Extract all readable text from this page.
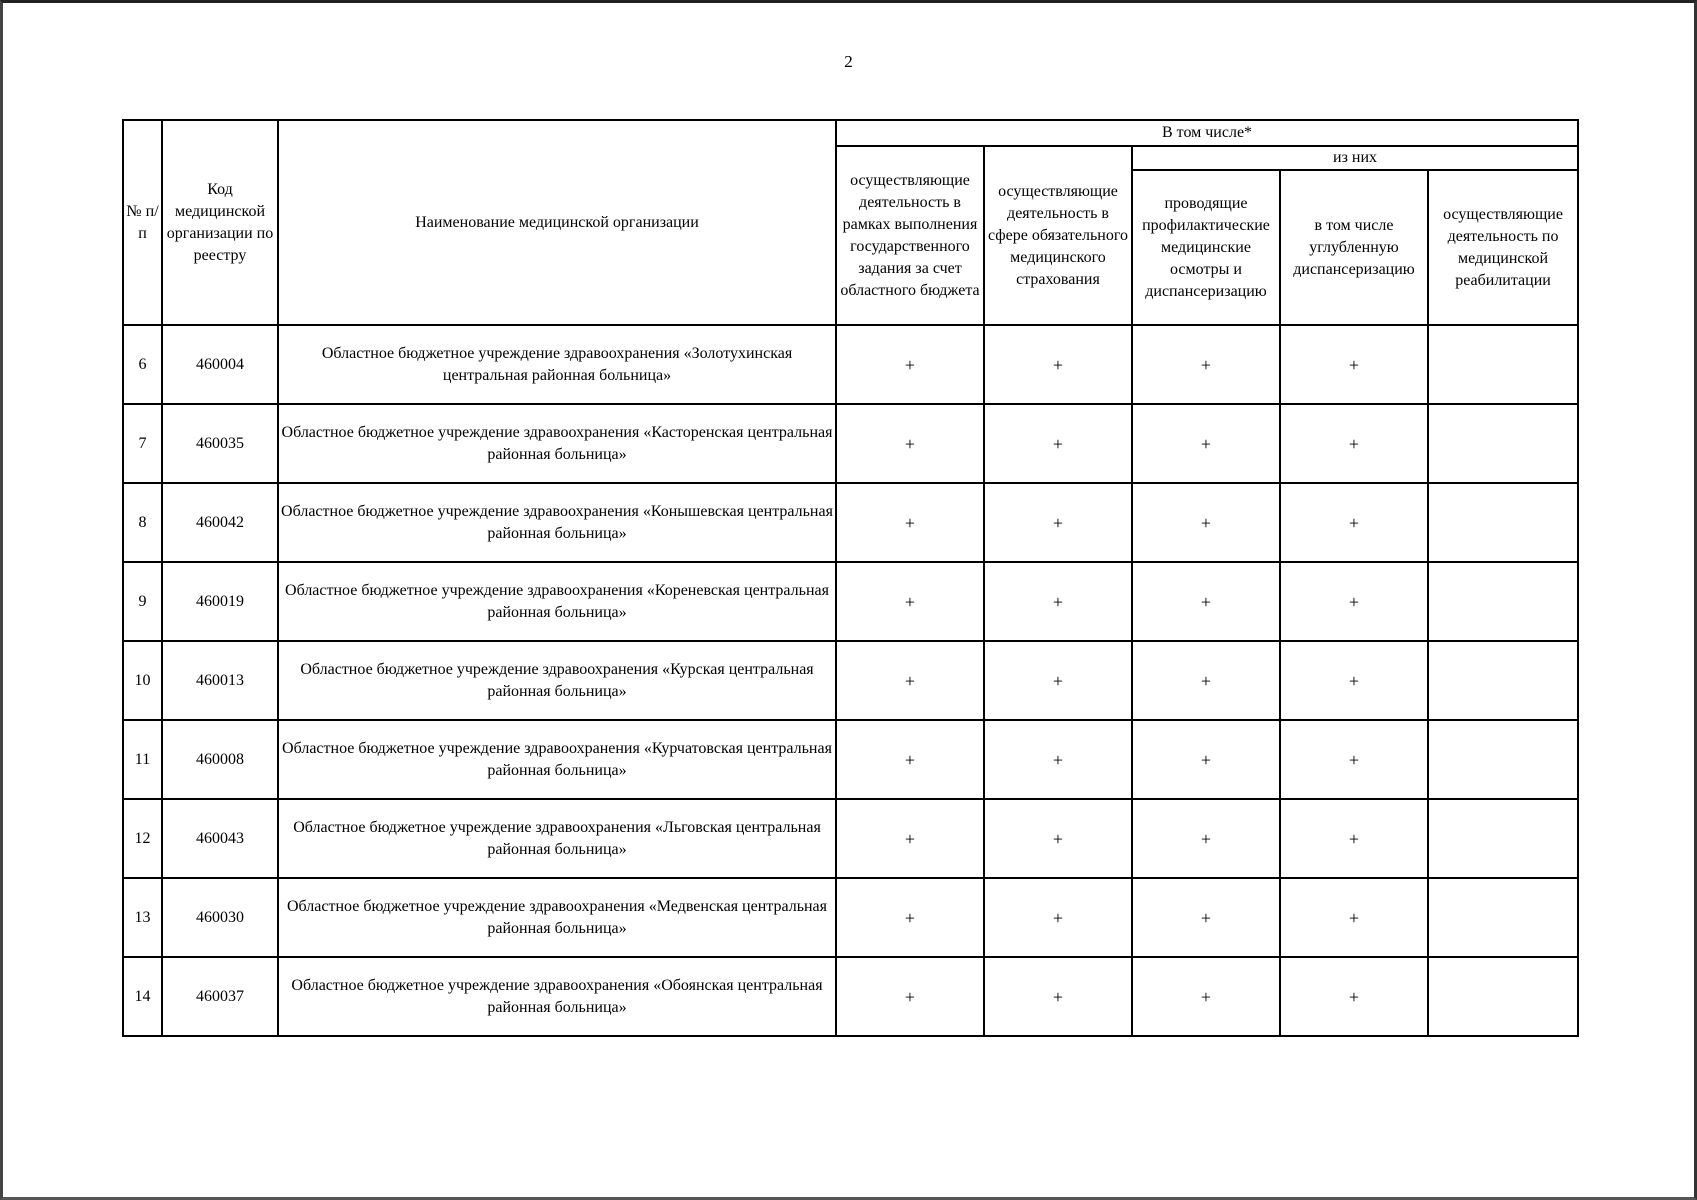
2
№ п/п	Код медицинской организации по реестру	Наименование медицинской организации	В том числе*				
			осуществляющие деятельность в рамках выполнения государственного задания за счет областного бюджета	осуществляющие деятельность в сфере обязательного медицинского страхования	из них		
					проводящие профилактические медицинские осмотры и диспансеризацию	в том числе углубленную диспансеризацию	осуществляющие деятельность по медицинской реабилитации
6	460004	Областное бюджетное учреждение здравоохранения «Золотухинская центральная районная больница»	+	+	+	+	
7	460035	Областное бюджетное учреждение здравоохранения «Касторенская центральная районная больница»	+	+	+	+	
8	460042	Областное бюджетное учреждение здравоохранения «Конышевская центральная районная больница»	+	+	+	+	
9	460019	Областное бюджетное учреждение здравоохранения «Кореневская центральная районная больница»	+	+	+	+	
10	460013	Областное бюджетное учреждение здравоохранения «Курская центральная районная больница»	+	+	+	+	
11	460008	Областное бюджетное учреждение здравоохранения «Курчатовская центральная районная больница»	+	+	+	+	
12	460043	Областное бюджетное учреждение здравоохранения «Льговская центральная районная больница»	+	+	+	+	
13	460030	Областное бюджетное учреждение здравоохранения «Медвенская центральная районная больница»	+	+	+	+	
14	460037	Областное бюджетное учреждение здравоохранения «Обоянская центральная районная больница»	+	+	+	+	
